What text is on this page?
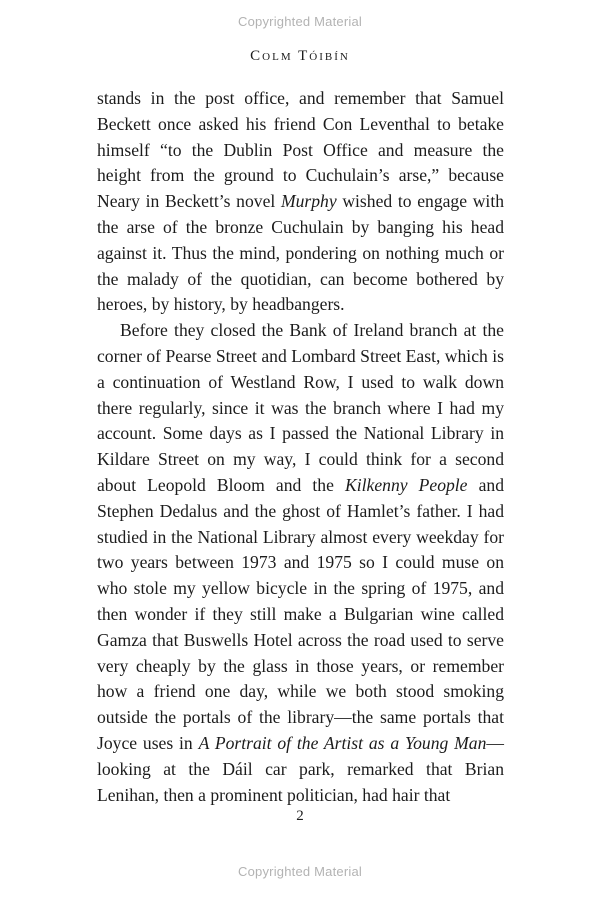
Copyrighted Material
Colm Tóibín

stands in the post office, and remember that Samuel Beckett once asked his friend Con Leventhal to betake himself “to the Dublin Post Office and measure the height from the ground to Cuchulain’s arse,” because Neary in Beckett’s novel Murphy wished to engage with the arse of the bronze Cuchulain by banging his head against it. Thus the mind, pondering on nothing much or the malady of the quotidian, can become bothered by heroes, by history, by headbangers.

Before they closed the Bank of Ireland branch at the corner of Pearse Street and Lombard Street East, which is a continuation of Westland Row, I used to walk down there regularly, since it was the branch where I had my account. Some days as I passed the National Library in Kildare Street on my way, I could think for a second about Leopold Bloom and the Kilkenny People and Stephen Dedalus and the ghost of Hamlet’s father. I had studied in the National Library almost every weekday for two years between 1973 and 1975 so I could muse on who stole my yellow bicycle in the spring of 1975, and then wonder if they still make a Bulgarian wine called Gamza that Buswells Hotel across the road used to serve very cheaply by the glass in those years, or remember how a friend one day, while we both stood smoking outside the portals of the library—the same portals that Joyce uses in A Portrait of the Artist as a Young Man—looking at the Dáil car park, remarked that Brian Lenihan, then a prominent politician, had hair that

2
Copyrighted Material
